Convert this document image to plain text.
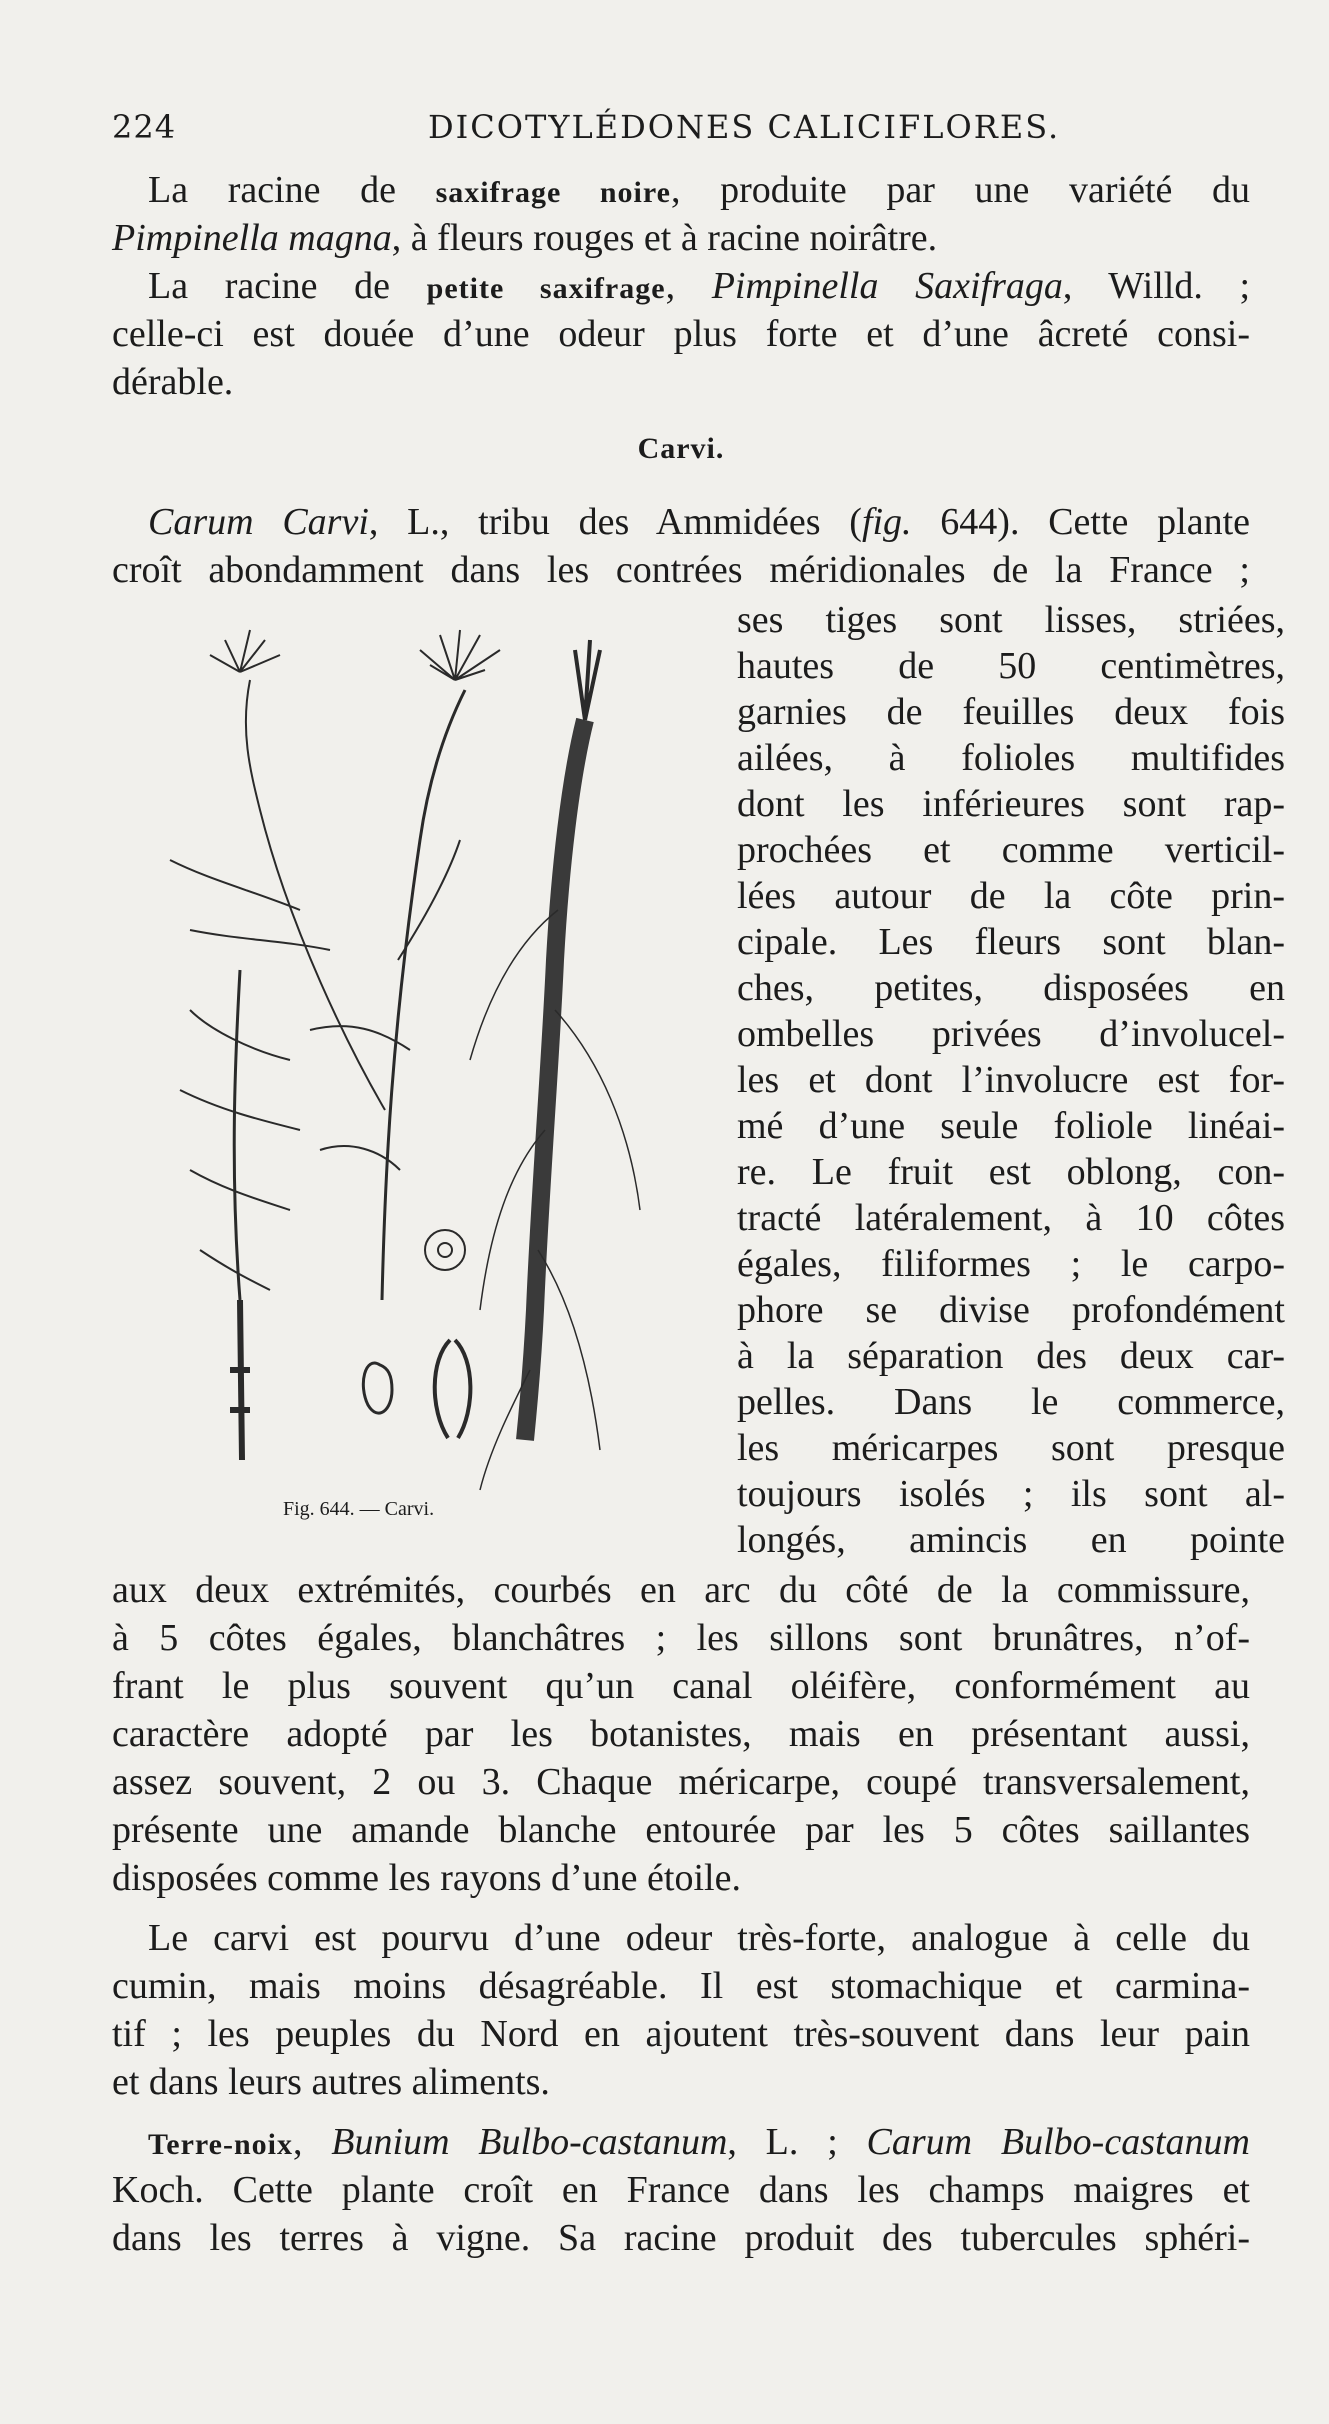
224	DICOTYLÉDONES CALICIFLORES.
La racine de saxifrage noire, produite par une variété du
Pimpinella magna, à fleurs rouges et à racine noirâtre.
La racine de petite saxifrage, Pimpinella Saxifraga, Willd. ;
celle-ci est douée d’une odeur plus forte et d’une âcreté consi-
dérable.
Carvi.
Carum Carvi, L., tribu des Ammidées (fig. 644). Cette plante
croît abondamment dans les contrées méridionales de la France ;
ses tiges sont lisses, striées,
hautes de 50 centimètres,
garnies de feuilles deux fois
ailées, à folioles multifides
dont les inférieures sont rap-
prochées et comme verticil-
lées autour de la côte prin-
cipale. Les fleurs sont blan-
ches, petites, disposées en
ombelles privées d’involucel-
les et dont l’involucre est for-
mé d’une seule foliole linéai-
re. Le fruit est oblong, con-
tracté latéralement, à 10 côtes
égales, filiformes ; le carpo-
phore se divise profondément
à la séparation des deux car-
pelles. Dans le commerce,
les méricarpes sont presque
toujours isolés ; ils sont al-
longés, amincis en pointe
aux deux extrémités, courbés en arc du côté de la commissure,
à 5 côtes égales, blanchâtres ; les sillons sont brunâtres, n’of-
frant le plus souvent qu’un canal oléifère, conformément au
caractère adopté par les botanistes, mais en présentant aussi,
assez souvent, 2 ou 3. Chaque méricarpe, coupé transversalement,
présente une amande blanche entourée par les 5 côtes saillantes
disposées comme les rayons d’une étoile.
Le carvi est pourvu d’une odeur très-forte, analogue à celle du
cumin, mais moins désagréable. Il est stomachique et carmina-
tif ; les peuples du Nord en ajoutent très-souvent dans leur pain
et dans leurs autres aliments.
Terre-noix, Bunium Bulbo-castanum, L. ; Carum Bulbo-castanum
Koch. Cette plante croît en France dans les champs maigres et
dans les terres à vigne. Sa racine produit des tubercules sphéri-
Fig. 644. — Carvi.
